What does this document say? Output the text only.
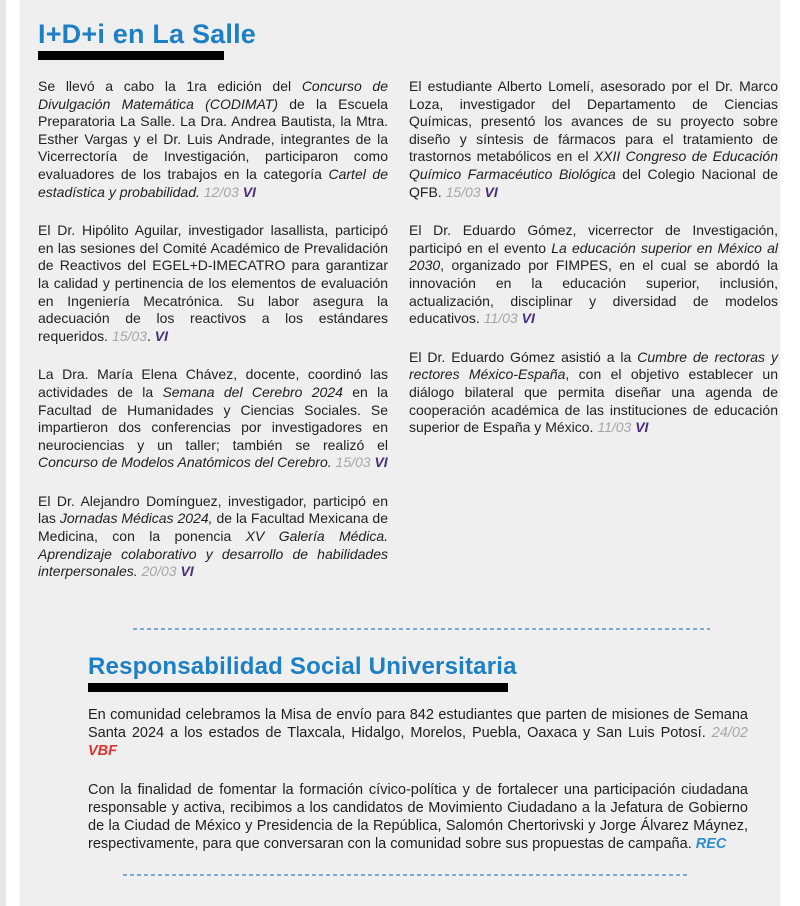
I+D+i en La Salle

Se llevó a cabo la 1ra edición del Concurso de Divulgación Matemática (CODIMAT) de la Escuela Preparatoria La Salle. La Dra. Andrea Bautista, la Mtra. Esther Vargas y el Dr. Luis Andrade, integrantes de la Vicerrectoría de Investigación, participaron como evaluadores de los trabajos en la categoría Cartel de estadística y probabilidad. 12/03 VI

El Dr. Hipólito Aguilar, investigador lasallista, participó en las sesiones del Comité Académico de Prevalidación de Reactivos del EGEL+D-IMECATRO para garantizar la calidad y pertinencia de los elementos de evaluación en Ingeniería Mecatrónica. Su labor asegura la adecuación de los reactivos a los estándares requeridos. 15/03. VI

La Dra. María Elena Chávez, docente, coordinó las actividades de la Semana del Cerebro 2024 en la Facultad de Humanidades y Ciencias Sociales. Se impartieron dos conferencias por investigadores en neurociencias y un taller; también se realizó el Concurso de Modelos Anatómicos del Cerebro. 15/03 VI

El Dr. Alejandro Domínguez, investigador, participó en las Jornadas Médicas 2024, de la Facultad Mexicana de Medicina, con la ponencia XV Galería Médica. Aprendizaje colaborativo y desarrollo de habilidades interpersonales. 20/03 VI

El estudiante Alberto Lomelí, asesorado por el Dr. Marco Loza, investigador del Departamento de Ciencias Químicas, presentó los avances de su proyecto sobre diseño y síntesis de fármacos para el tratamiento de trastornos metabólicos en el XXII Congreso de Educación Químico Farmacéutico Biológica del Colegio Nacional de QFB. 15/03 VI

El Dr. Eduardo Gómez, vicerrector de Investigación, participó en el evento La educación superior en México al 2030, organizado por FIMPES, en el cual se abordó la innovación en la educación superior, inclusión, actualización, disciplinar y diversidad de modelos educativos. 11/03 VI

El Dr. Eduardo Gómez asistió a la Cumbre de rectoras y rectores México-España, con el objetivo establecer un diálogo bilateral que permita diseñar una agenda de cooperación académica de las instituciones de educación superior de España y México. 11/03 VI

Responsabilidad Social Universitaria

En comunidad celebramos la Misa de envío para 842 estudiantes que parten de misiones de Semana Santa 2024 a los estados de Tlaxcala, Hidalgo, Morelos, Puebla, Oaxaca y San Luis Potosí. 24/02 VBF

Con la finalidad de fomentar la formación cívico-política y de fortalecer una participación ciudadana responsable y activa, recibimos a los candidatos de Movimiento Ciudadano a la Jefatura de Gobierno de la Ciudad de México y Presidencia de la República, Salomón Chertorivski y Jorge Álvarez Máynez, respectivamente, para que conversaran con la comunidad sobre sus propuestas de campaña. REC
